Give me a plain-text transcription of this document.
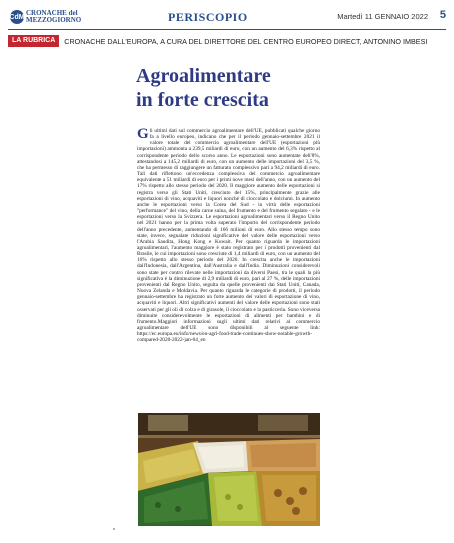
CdM CRONACHE del
MEZZOGIORNO	PERISCOPIO	Martedì 11 GENNAIO 2022 5
LA RUBRICA	CRONACHE DALL'EUROPA, A CURA DEL DIRETTORE DEL CENTRO EUROPEO DIRECT, ANTONINO IMBESI
Agroalimentare
in forte crescita
Gli ultimi dati sul commercio agroalimentare dell'UE, pubblicati qualche giorno fa a livello europeo, indicano che per il periodo gennaio-settembre 2021 il valore totale del commercio agroalimentare dell'UE (esportazioni più importazioni) ammonta a 239,5 miliardi di euro, con un aumento del 6,3% rispetto al corrispondente periodo dello scorso anno. Le esportazioni sono aumentate dell'8%, attestandosi a 145,2 miliardi di euro, con un aumento delle importazioni del 3,5 %, che ha permesso di raggiungere un fatturato complessivo pari a 94,2 miliardi di euro. Tali dati riflettono un'eccedenza complessiva del commercio agroalimentare equivalente a 51 miliardi di euro per i primi nove mesi dell'anno, con un aumento del 17% rispetto allo stesso periodo del 2020. Il maggiore aumento delle esportazioni si registra verso gli Stati Uniti, cresciuto del 15%, principalmente grazie alle esportazioni di vino, acquaviti e liquori nonché di cioccolato e dolciumi. In aumento anche le esportazioni verso la Corea del Sud - in virtù delle esportazioni "performance" del vino, della carne suina, del frumento e del frumento segalato - e le esportazioni verso la Svizzera. Le esportazioni agroalimentari verso il Regno Unito nel 2021 hanno per la prima volta superato l'importo del corrispondente periodo dell'anno precedente, aumentando di 166 milioni di euro. Allo stesso tempo sono state, invece, segnalate riduzioni significative del valore delle esportazioni verso l'Arabia Saudita, Hong Kong e Kuwait. Per quanto riguarda le importazioni agroalimentari, l'aumento maggiore è stato registrato per i prodotti provenienti dal Brasile, le cui importazioni sono cresciute di 1,4 miliardi di euro, con un aumento del 16% rispetto allo stesso periodo del 2020. In crescita anche le importazioni dall'Indonesia, dall'Argentina, dall'Australia e dall'India. Diminuzioni considerevoli sono state per contro rilevate nelle importazioni da diversi Paesi, tra le quali la più significativa è la diminuzione di 2,9 miliardi di euro, pari al 27 %, delle importazioni provenienti dal Regno Unito, seguita da quelle provenienti dai Stati Uniti, Canada, Nuova Zelanda e Moldavia. Per quanto riguarda le categorie di prodotti, il periodo gennaio-settembre ha registrato un forte aumento dei valori di esportazione di vino, acquaviti e liquori. Altri significativi aumenti del valore delle esportazioni sono stati osservati per gli oli di colza e di girasole, il cioccolato e la pasticceria. Sono viceversa diminuite considerevolmente le esportazioni di alimenti per bambini e di frumento.Maggiori informazioni sugli ultimi dati relativi al commercio agroalimentare dell'UE sono disponibili al seguente link: https://ec.europa.eu/info/news/eu-agri-food-trade-continues-show-notable-growth-compared-2020-2022-jan-04_en
